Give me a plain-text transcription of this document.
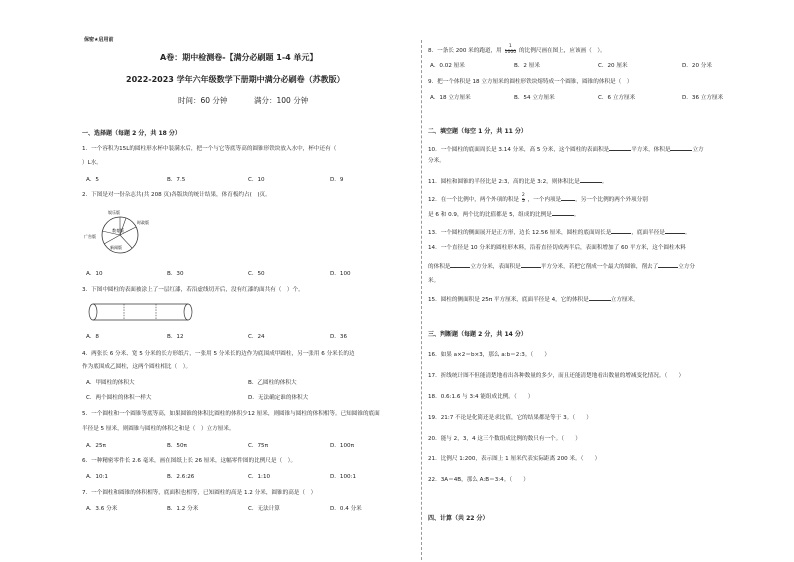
保密★启用前
A卷：期中检测卷-【满分必刷题 1-4 单元】
2022-2023 学年六年级数学下册期中满分必刷卷（苏教版）
时间：60 分钟	满分：100 分钟
一、选择题（每题 2 分，共 18 分）
1．一个容积为15L的圆柱形水杯中装满水后，把一个与它等底等高的圆锥形铁块放入水中，杯中还有（
）L水。
A．5	B．7.5	C．10	D．9
2．下图是对一份杂志共(共 208 页)各版块的统计结果，体育板约占(　)页。
娱乐版
时政版
广告版
教育版
新闻版
A．10	B．30	C．50	D．100
3．下图中圆柱的表面被涂上了一层红漆，若沿虚线切开后，没有红漆的面共有（　）个。
A．8	B．12	C．24	D．36
4．两张长 6 分米、宽 5 分米的长方形纸片，一张用 5 分米长的边作为底围成甲圆柱，另一张用 6 分米长的边
作为底围成乙圆柱，这两个圆柱相比（　）。
A．甲圆柱的体积大	B．乙圆柱的体积大
C．两个圆柱的体积一样大	D．无法确定谁的体积大
5．一个圆柱和一个圆锥等底等高，如果圆锥的体积比圆柱的体积少12 厘米，则圆锥与圆柱的体积相等。已知圆锥的底面
半径是 5 厘米，则圆锥与圆柱的体积之和是（　）立方厘米。
A．25π	B．50π	C．75π	D．100π
6．一种精密零件长 2.6 毫米，画在图纸上长 26 厘米，这幅零件图的比例尺是（　）。
A．10:1	B．2.6:26	C．1:10	D．100:1
7．一个圆柱和圆锥的体积相等，底面积也相等，已知圆柱的高是 1.2 分米，圆锥的高是（　）
A．3.6 分米	B．1.2 分米	C．无法计算	D．0.4 分米
8．一条长 200 米的跑道，用 $\frac{1}{1000}$ 的比例尺画在图上，应该画（　）。
A．0.02 厘米	B．2 厘米	C．20 厘米	D．20 分米
9．把一个体积是 18 立方厘米的圆柱形铁块熔铸成一个圆锥，圆锥的体积是（　）
A．18 立方厘米	B．54 立方厘米	C．6 立方厘米	D．36 立方厘米
二、填空题（每空 1 分，共 11 分）
10．一个圆柱的底面周长是 3.14 分米，高 5 分米，这个圆柱的表面积是	平方米，体积是	立方
分米。
11．圆柱和圆锥的半径比是 2:3，高的比是 3:2，则体积比是	。
12．在一个比例中，两个外项的积是 $\frac{2}{5}$ ，一个内项是	，另一个比例的两个外项分别
是 6 和 0.9，两个比的比值都是 5，组成的比例是	。
13．一个圆柱的侧面展开是正方形，边长 12.56 厘米，圆柱的底面周长是	，底面半径是	。
14．一个直径是 10 分米的圆柱形木料，沿着直径切成两半后，表面积增加了 60 平方米，这个圆柱木料
的体积是	立方分米，表面积是	平方分米，若把它削成一个最大的圆锥，削去了	立方分
米。
15．圆柱的侧面积是 25π 平方厘米，底面半径是 4，它的体积是	立方厘米。
三、判断题（每题 2 分，共 14 分）
16．如果 a×2＝b×3，那么 a:b＝2:3。（　　）
17．折线统计图不但能清楚地看出各种数量的多少，而且还能清楚地看出数量的增减变化情况。（　　）
18．0.6:1.6 与 3:4 能组成比例。（　　）
19．21:7 不论是化简还是求比值，它的结果都是等于 3。（　　）
20．能与 2，3，4 这三个数组成比例的数只有一个。（　　）
21．比例尺 1:200，表示图上 1 厘米代表实际距离 200 米。（　　）
22．3A＝4B，那么 A:B＝3:4。（　　）
四、计算（共 22 分）
